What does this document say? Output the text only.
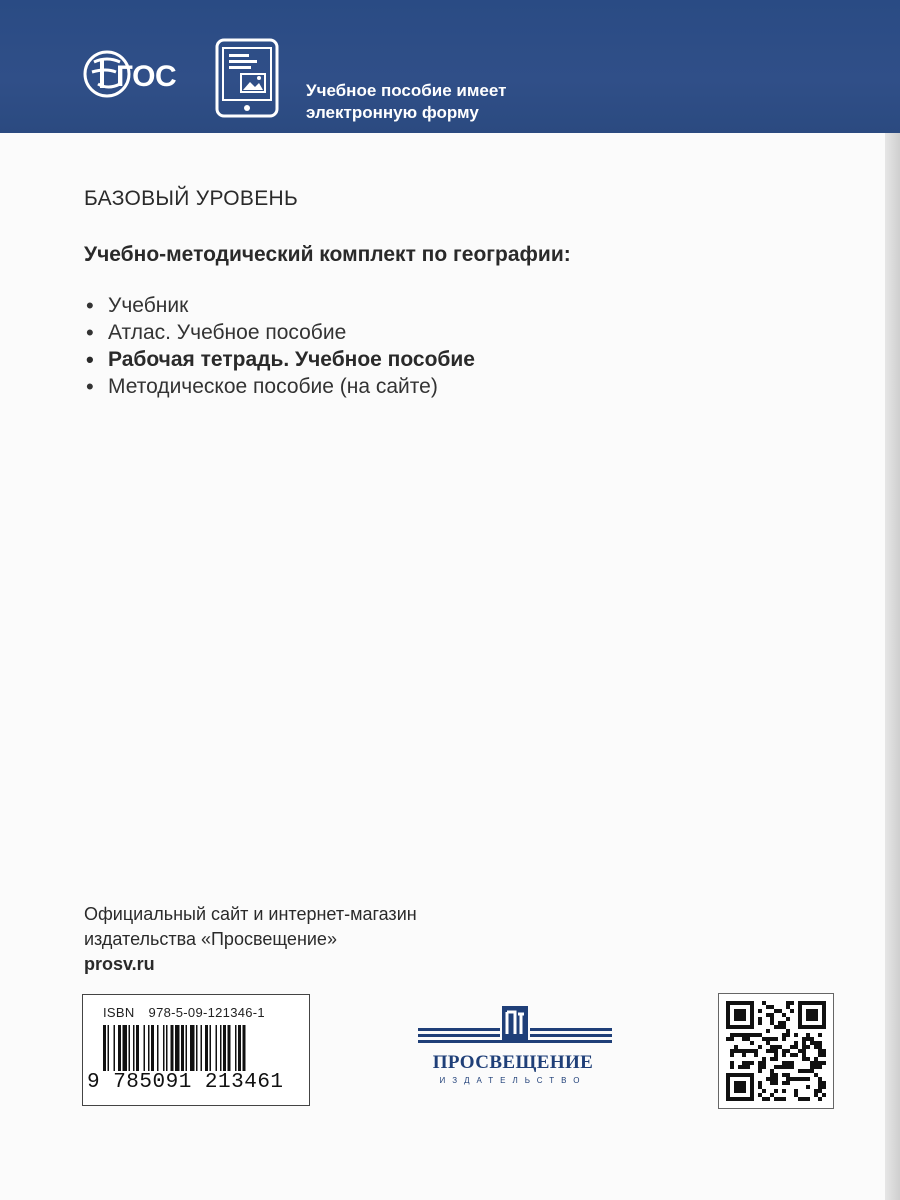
ГОС	Учебное пособие имеет
электронную форму
БАЗОВЫЙ УРОВЕНЬ
Учебно-методический комплект по географии:
• Учебник
• Атлас. Учебное пособие
• Рабочая тетрадь. Учебное пособие
• Методическое пособие (на сайте)
Официальный сайт и интернет-магазин
издательства «Просвещение»
prosv.ru
ISBN 978-5-09-121346-1
9 785091 213461
ПРОСВЕЩЕНИЕ
ИЗДАТЕЛЬСТВО
